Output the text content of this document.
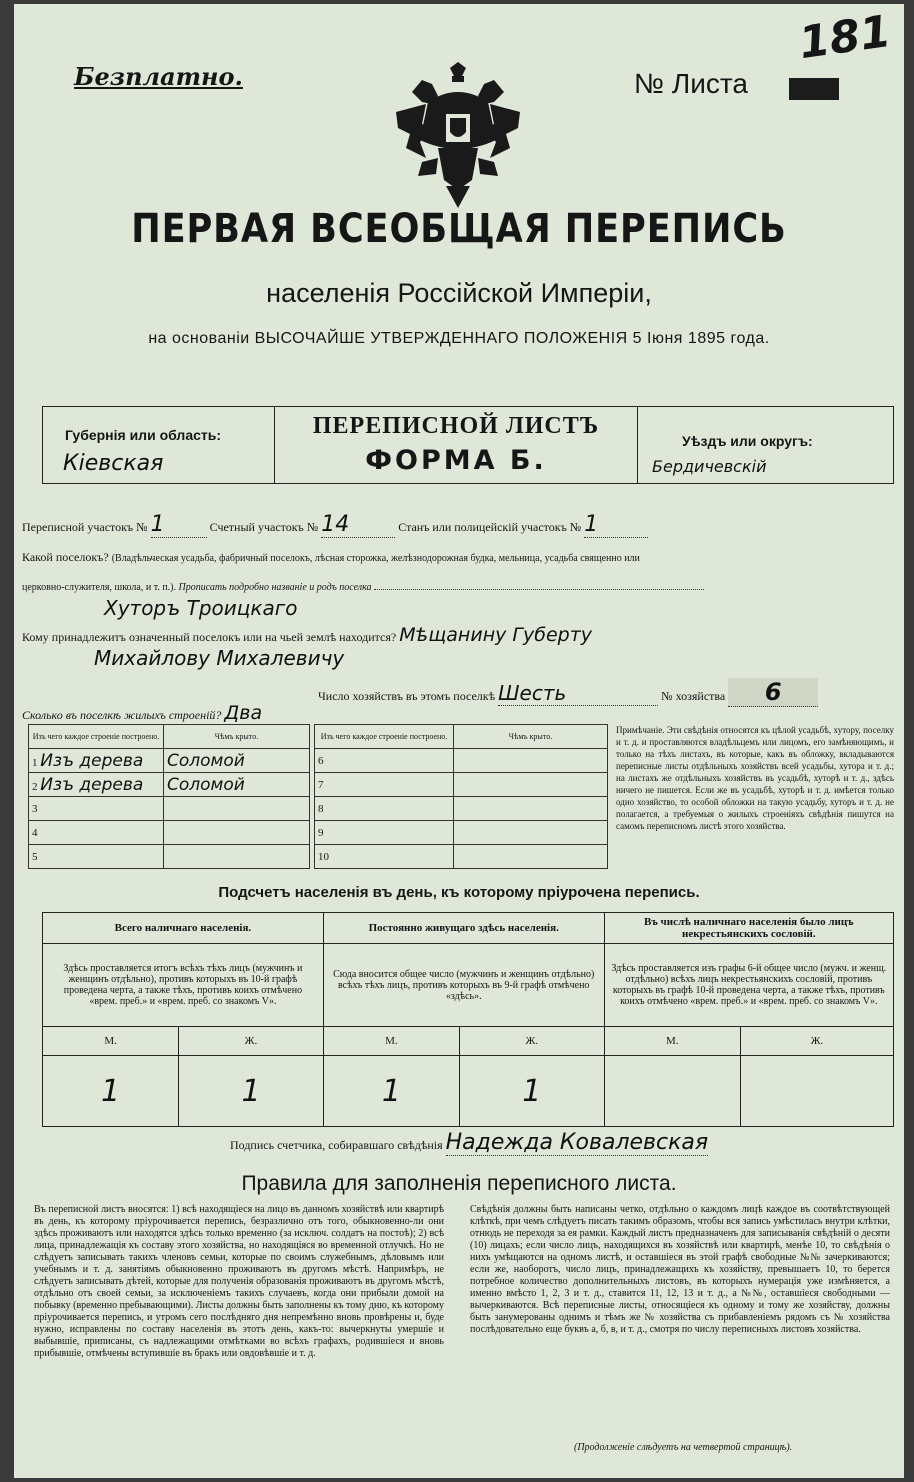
Безплатно.	№ Листа
181
ПЕРВАЯ ВСЕОБЩАЯ ПЕРЕПИСЬ
населенія Россійской Имперіи,
на основаніи ВЫСОЧАЙШЕ УТВЕРЖДЕННАГО ПОЛОЖЕНІЯ 5 Іюня 1895 года.
Губернія или область:
Кіевская
ПЕРЕПИСНОЙ ЛИСТЪ
ФОРМА Б.
Уѣздъ или округъ:
Бердичевскій
Переписной участокъ № 1	Счетный участокъ № 14	Станъ или полицейскій участокъ № 1
Какой поселокъ? (Владѣльческая усадьба, фабричный поселокъ, лѣсная сторожка, желѣзнодорожная будка, мельница, усадьба священно или
церковно-служителя, школа, и т. п.). Прописать подробно названіе и родъ поселка
Хуторъ Троицкаго
Кому принадлежитъ означенный поселокъ или на чьей землѣ находится? Мѣщанину Губерту
Михайлову Михалевичу
Число хозяйствъ въ этомъ поселкѣ Шесть	№ хозяйства 6
Сколько въ поселкѣ жилыхъ строеній? Два
Изъ чего каждое строеніе построено.	Чѣмъ крыто.
1 Изъ дерева	Соломой
2 Изъ дерева	Соломой
3	
4	
5	
Изъ чего каждое строеніе построено.	Чѣмъ крыто.
6	
7	
8	
9	
10	
Примѣчаніе. Эти свѣдѣнія относятся къ цѣлой усадьбѣ, хутору, поселку и т. д. и проставляются владѣльцемъ или лицомъ, его замѣняющимъ, и только на тѣхъ листахъ, въ которые, какъ въ обложку, вкладываются переписные листы отдѣльныхъ хозяйствъ всей усадьбы, хутора и т. д.; на листахъ же отдѣльныхъ хозяйствъ въ усадьбѣ, хуторѣ и т. д., здѣсь ничего не пишется. Если же въ усадьбѣ, хуторѣ и т. д. имѣется только одно хозяйство, то особой обложки на такую усадьбу, хуторъ и т. д. не полагается, а требуемыя о жилыхъ строеніяхъ свѣдѣнія пишутся на самомъ переписномъ листѣ этого хозяйства.
Подсчетъ населенія въ день, къ которому пріурочена перепись.
Всего наличнаго населенія.		Постоянно живущаго здѣсь населенія.		Въ числѣ наличнаго населенія было лицъ некрестьянскихъ сословій.	
Здѣсь проставляется итогъ всѣхъ тѣхъ лицъ (мужчинъ и женщинъ отдѣльно), противъ которыхъ въ 10-й графѣ проведена черта, а также тѣхъ, противъ коихъ отмѣчено «врем. преб.» и «врем. преб. со знакомъ V».		Сюда вносится общее число (мужчинъ и женщинъ отдѣльно) всѣхъ тѣхъ лицъ, противъ которыхъ въ 9-й графѣ отмѣчено «здѣсь».		Здѣсь проставляется изъ графы 6-й общее число (мужч. и женщ. отдѣльно) всѣхъ лицъ некрестьянскихъ сословій, противъ которыхъ въ графѣ 10-й проведена черта, а также тѣхъ, противъ коихъ отмѣчено «врем. преб.» и «врем. преб. со знакомъ V».	
М.	Ж.	М.	Ж.	М.	Ж.
1	1	1	1		
Подпись счетчика, собиравшаго свѣдѣнія Надежда Ковалевская
Правила для заполненія переписного листа.
Въ переписной листъ вносятся: 1) всѣ находящіеся на лицо въ данномъ хозяйствѣ или квартирѣ въ день, къ которому пріурочивается перепись, безразлично отъ того, обыкновенно-ли они здѣсь проживаютъ или находятся здѣсь только временно (за исключ. солдатъ на постоѣ); 2) всѣ лица, принадлежащія къ составу этого хозяйства, но находящіяся во временной отлучкѣ. Но не слѣдуетъ записывать такихъ членовъ семьи, которые по своимъ служебнымъ, дѣловымъ или учебнымъ и т. д. занятіямъ обыкновенно проживаютъ въ другомъ мѣстѣ. Напримѣръ, не слѣдуетъ записывать дѣтей, которые для полученія образованія проживаютъ въ другомъ мѣстѣ, отдѣльно отъ своей семьи, за исключеніемъ такихъ случаевъ, когда они прибыли домой на побывку (временно пребывающими). Листы должны быть заполнены къ тому дню, къ которому пріурочивается перепись, и утромъ сего послѣдняго дня непремѣнно вновь провѣрены и, буде нужно, исправлены по составу населенія въ этотъ день, какъ-то: вычеркнуты умершіе и выбывшіе, приписаны, съ надлежащими отмѣтками во всѣхъ графахъ, родившіеся и вновь прибывшіе, отмѣчены вступившіе въ бракъ или овдовѣвшіе и т. д.
Свѣдѣнія должны быть написаны четко, отдѣльно о каждомъ лицѣ каждое въ соотвѣтствующей клѣткѣ, при чемъ слѣдуетъ писать такимъ образомъ, чтобы вся запись умѣстилась внутри клѣтки, отнюдь не переходя за ея рамки. Каждый листъ предназначенъ для записыванія свѣдѣній о десяти (10) лицахъ; если число лицъ, находящихся въ хозяйствѣ или квартирѣ, менѣе 10, то свѣдѣнія о нихъ умѣщаются на одномъ листѣ, и оставшіеся въ этой графѣ свободные №№ зачеркиваются; если же, наоборотъ, число лицъ, принадлежащихъ къ хозяйству, превышаетъ 10, то берется потребное количество дополнительныхъ листовъ, въ которыхъ нумерація уже измѣняется, а именно вмѣсто 1, 2, 3 и т. д., ставится 11, 12, 13 и т. д., а №№, оставшіеся свободными — вычеркиваются. Всѣ переписные листы, относящіеся къ одному и тому же хозяйству, должны быть занумерованы однимъ и тѣмъ же № хозяйства съ прибавленіемъ рядомъ съ № хозяйства послѣдовательно еще буквъ а, б, в, и т. д., смотря по числу переписныхъ листовъ хозяйства.
(Продолженіе слѣдуетъ на четвертой страницѣ).
